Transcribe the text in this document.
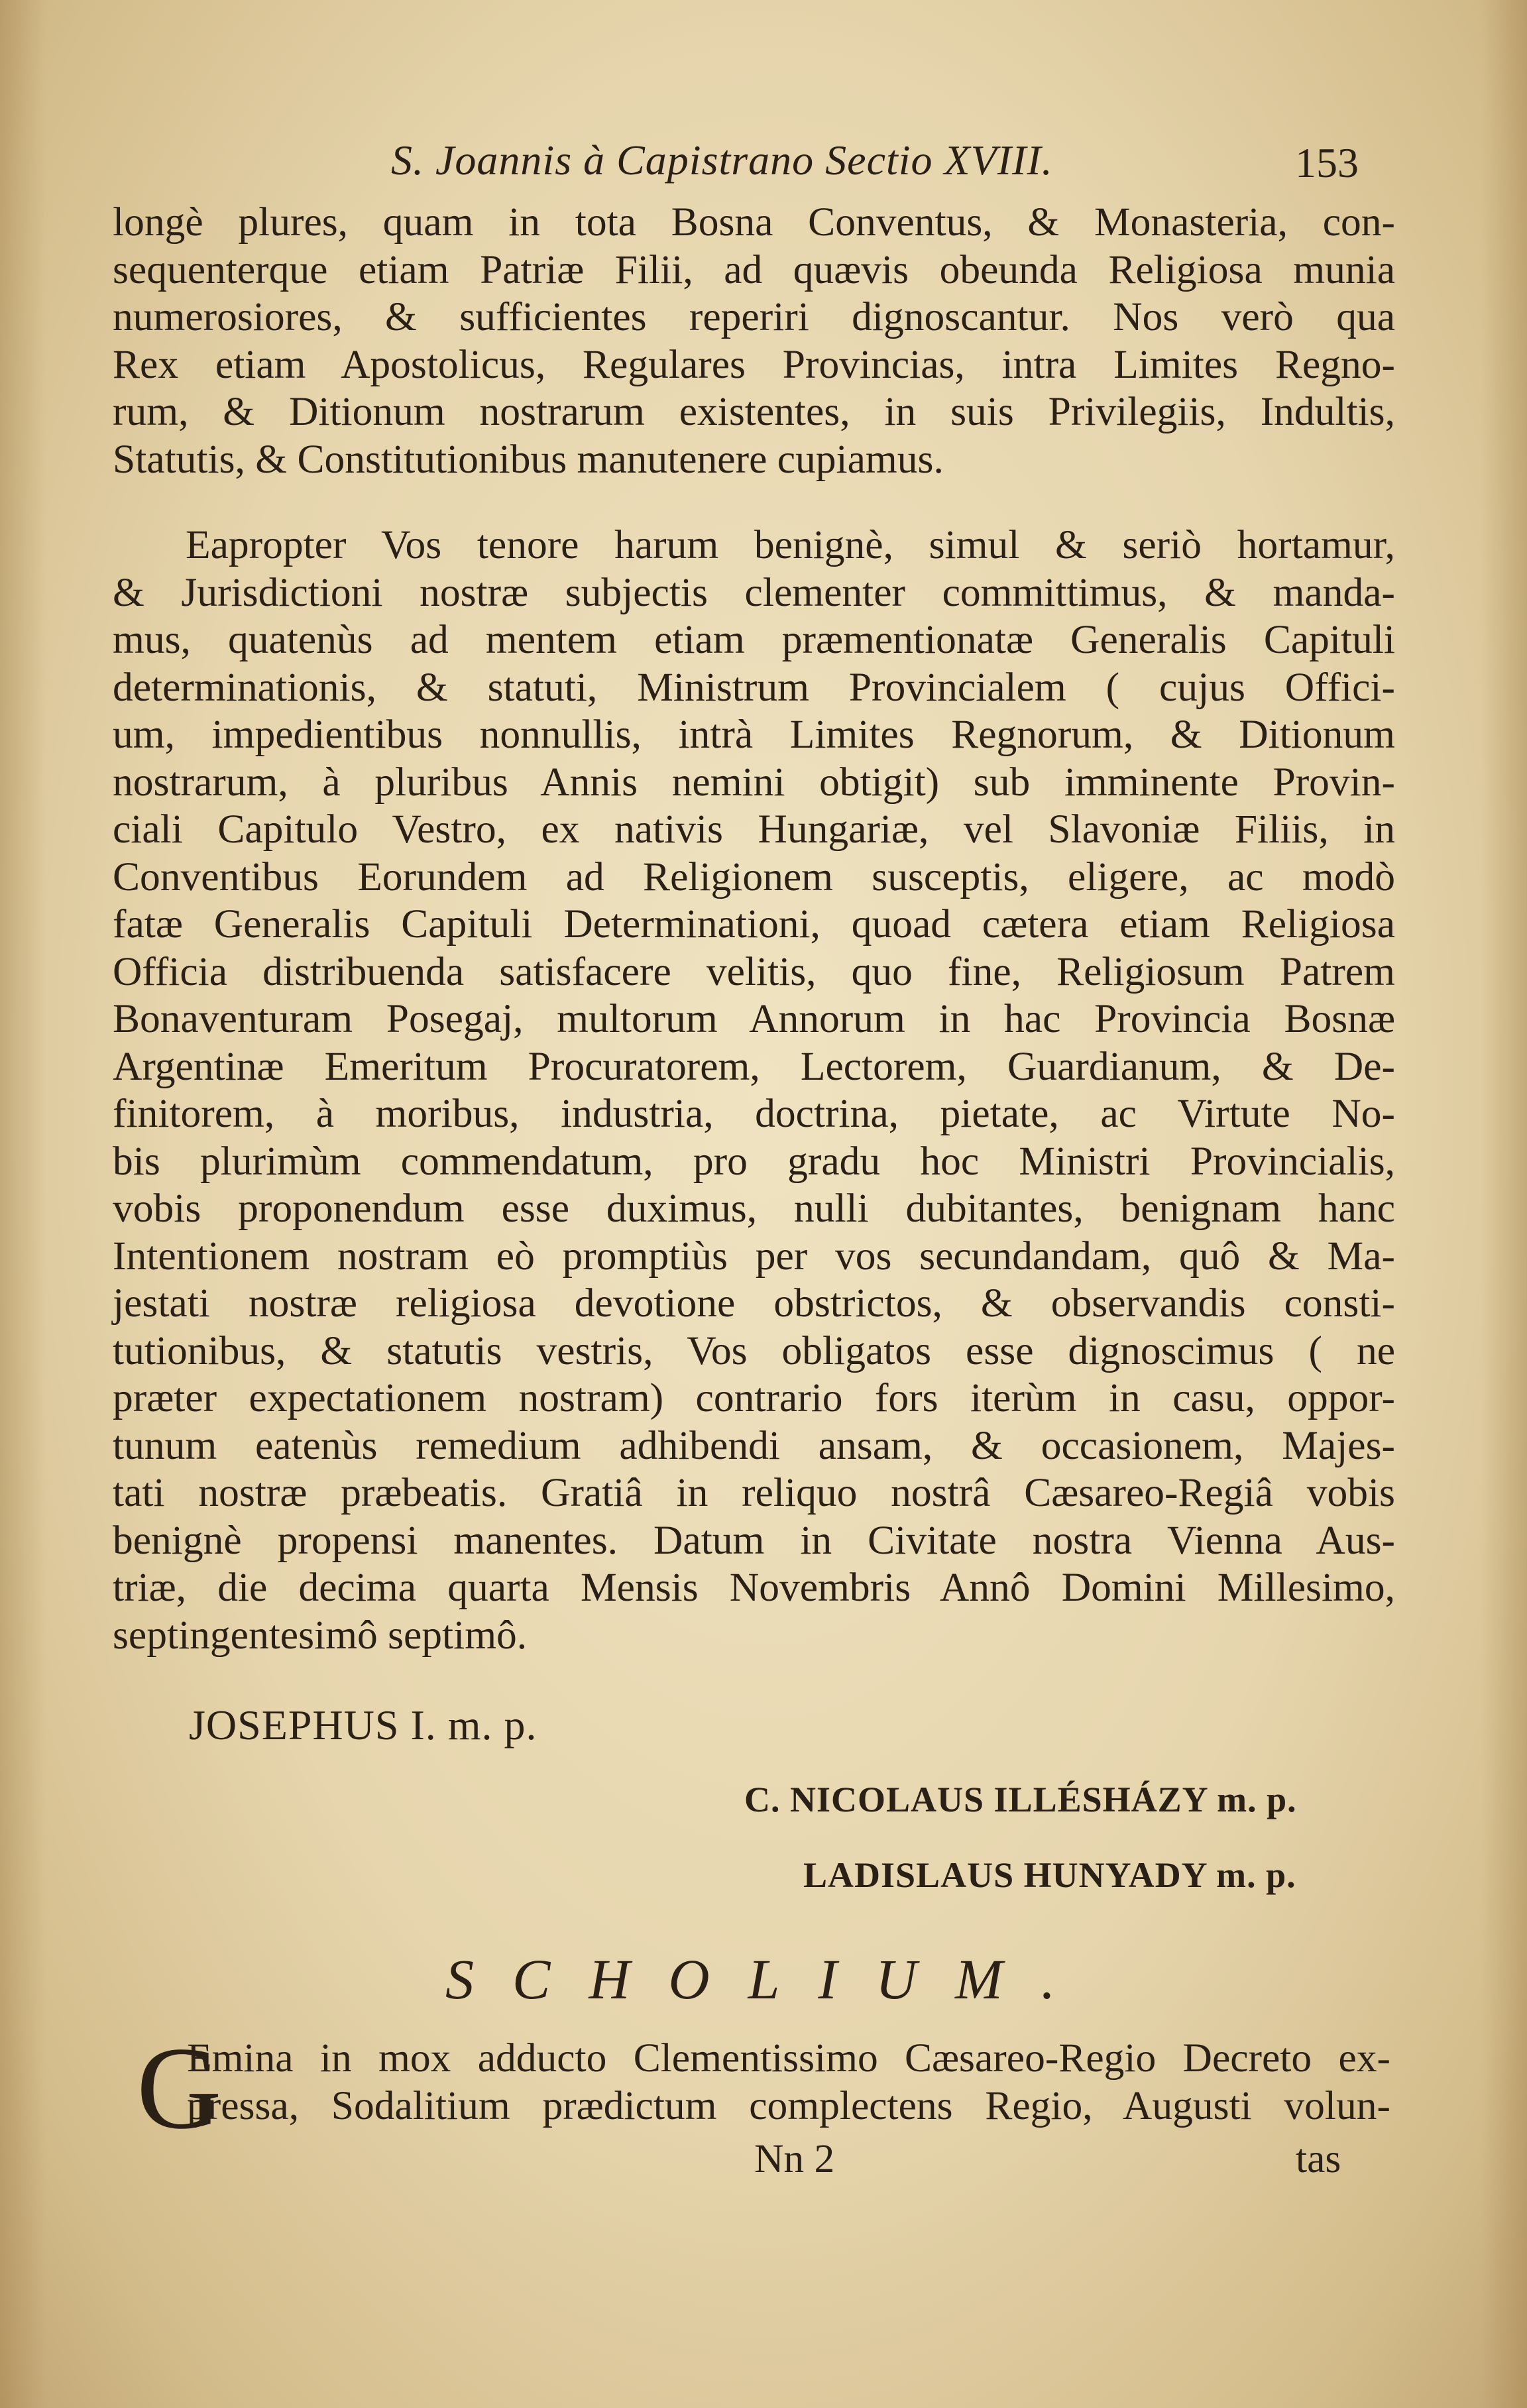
S. Joannis à Capistrano Sectio XVIII.	153
longè plures, quam in tota Bosna Conventus, & Monasteria, con-
sequenterque etiam Patriæ Filii, ad quævis obeunda Religiosa munia
numerosiores, & sufficientes reperiri dignoscantur. Nos verò qua
Rex etiam Apostolicus, Regulares Provincias, intra Limites Regno-
rum, & Ditionum nostrarum existentes, in suis Privilegiis, Indultis,
Statutis, & Constitutionibus manutenere cupiamus.
Eapropter Vos tenore harum benignè, simul & seriò hortamur,
& Jurisdictioni nostræ subjectis clementer committimus, & manda-
mus, quatenùs ad mentem etiam præmentionatæ Generalis Capituli
determinationis, & statuti, Ministrum Provincialem ( cujus Offici-
um, impedientibus nonnullis, intrà Limites Regnorum, & Ditionum
nostrarum, à pluribus Annis nemini obtigit) sub imminente Provin-
ciali Capitulo Vestro, ex nativis Hungariæ, vel Slavoniæ Filiis, in
Conventibus Eorundem ad Religionem susceptis, eligere, ac modò
fatæ Generalis Capituli Determinationi, quoad cætera etiam Religiosa
Officia distribuenda satisfacere velitis, quo fine, Religiosum Patrem
Bonaventuram Posegaj, multorum Annorum in hac Provincia Bosnæ
Argentinæ Emeritum Procuratorem, Lectorem, Guardianum, & De-
finitorem, à moribus, industria, doctrina, pietate, ac Virtute No-
bis plurimùm commendatum, pro gradu hoc Ministri Provincialis,
vobis proponendum esse duximus, nulli dubitantes, benignam hanc
Intentionem nostram eò promptiùs per vos secundandam, quô & Ma-
jestati nostræ religiosa devotione obstrictos, & observandis consti-
tutionibus, & statutis vestris, Vos obligatos esse dignoscimus ( ne
præter expectationem nostram) contrario fors iterùm in casu, oppor-
tunum eatenùs remedium adhibendi ansam, & occasionem, Majes-
tati nostræ præbeatis. Gratiâ in reliquo nostrâ Cæsareo-Regiâ vobis
benignè propensi manentes. Datum in Civitate nostra Vienna Aus-
triæ, die decima quarta Mensis Novembris Annô Domini Millesimo,
septingentesimô septimô.
JOSEPHUS I. m. p.
C. NICOLAUS ILLÉSHÁZY m. p.
LADISLAUS HUNYADY m. p.
SCHOLIUM.
G
Emina in mox adducto Clementissimo Cæsareo-Regio Decreto ex-
pressa, Sodalitium prædictum complectens Regio, Augusti volun-
Nn 2	tas
